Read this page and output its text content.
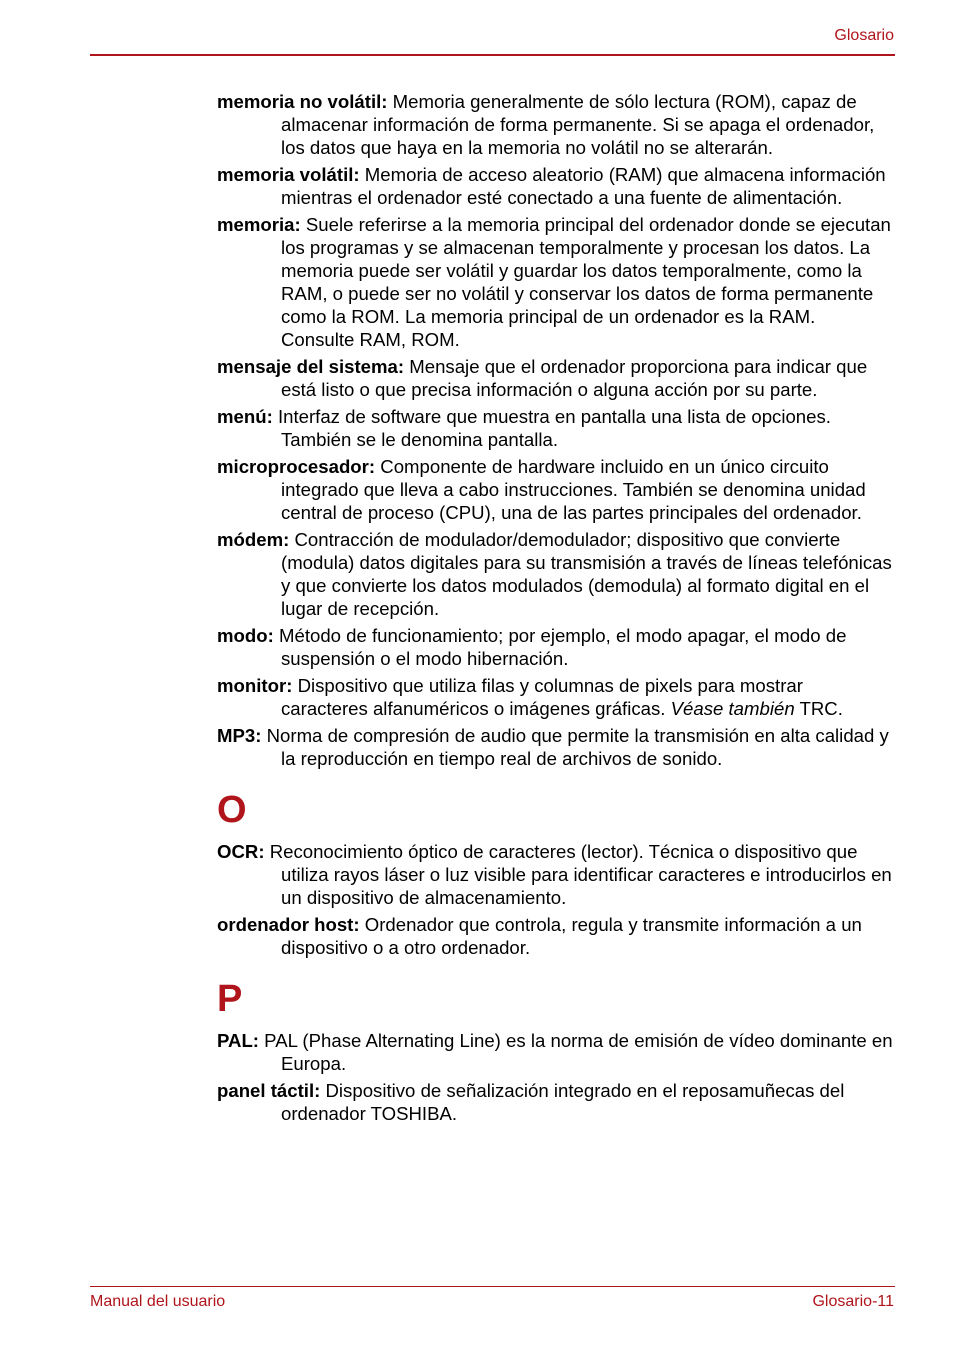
Glosario

memoria no volátil: Memoria generalmente de sólo lectura (ROM), capaz de almacenar información de forma permanente. Si se apaga el ordenador, los datos que haya en la memoria no volátil no se alterarán.

memoria volátil: Memoria de acceso aleatorio (RAM) que almacena información mientras el ordenador esté conectado a una fuente de alimentación.

memoria: Suele referirse a la memoria principal del ordenador donde se ejecutan los programas y se almacenan temporalmente y procesan los datos. La memoria puede ser volátil y guardar los datos temporalmente, como la RAM, o puede ser no volátil y conservar los datos de forma permanente como la ROM. La memoria principal de un ordenador es la RAM. Consulte RAM, ROM.

mensaje del sistema: Mensaje que el ordenador proporciona para indicar que está listo o que precisa información o alguna acción por su parte.

menú: Interfaz de software que muestra en pantalla una lista de opciones. También se le denomina pantalla.

microprocesador: Componente de hardware incluido en un único circuito integrado que lleva a cabo instrucciones. También se denomina unidad central de proceso (CPU), una de las partes principales del ordenador.

módem: Contracción de modulador/demodulador; dispositivo que convierte (modula) datos digitales para su transmisión a través de líneas telefónicas y que convierte los datos modulados (demodula) al formato digital en el lugar de recepción.

modo: Método de funcionamiento; por ejemplo, el modo apagar, el modo de suspensión o el modo hibernación.

monitor: Dispositivo que utiliza filas y columnas de pixels para mostrar caracteres alfanuméricos o imágenes gráficas. Véase también TRC.

MP3: Norma de compresión de audio que permite la transmisión en alta calidad y la reproducción en tiempo real de archivos de sonido.

O

OCR: Reconocimiento óptico de caracteres (lector). Técnica o dispositivo que utiliza rayos láser o luz visible para identificar caracteres e introducirlos en un dispositivo de almacenamiento.

ordenador host: Ordenador que controla, regula y transmite información a un dispositivo o a otro ordenador.

P

PAL: PAL (Phase Alternating Line) es la norma de emisión de vídeo dominante en Europa.

panel táctil: Dispositivo de señalización integrado en el reposamuñecas del ordenador TOSHIBA.

Manual del usuario	Glosario-11
